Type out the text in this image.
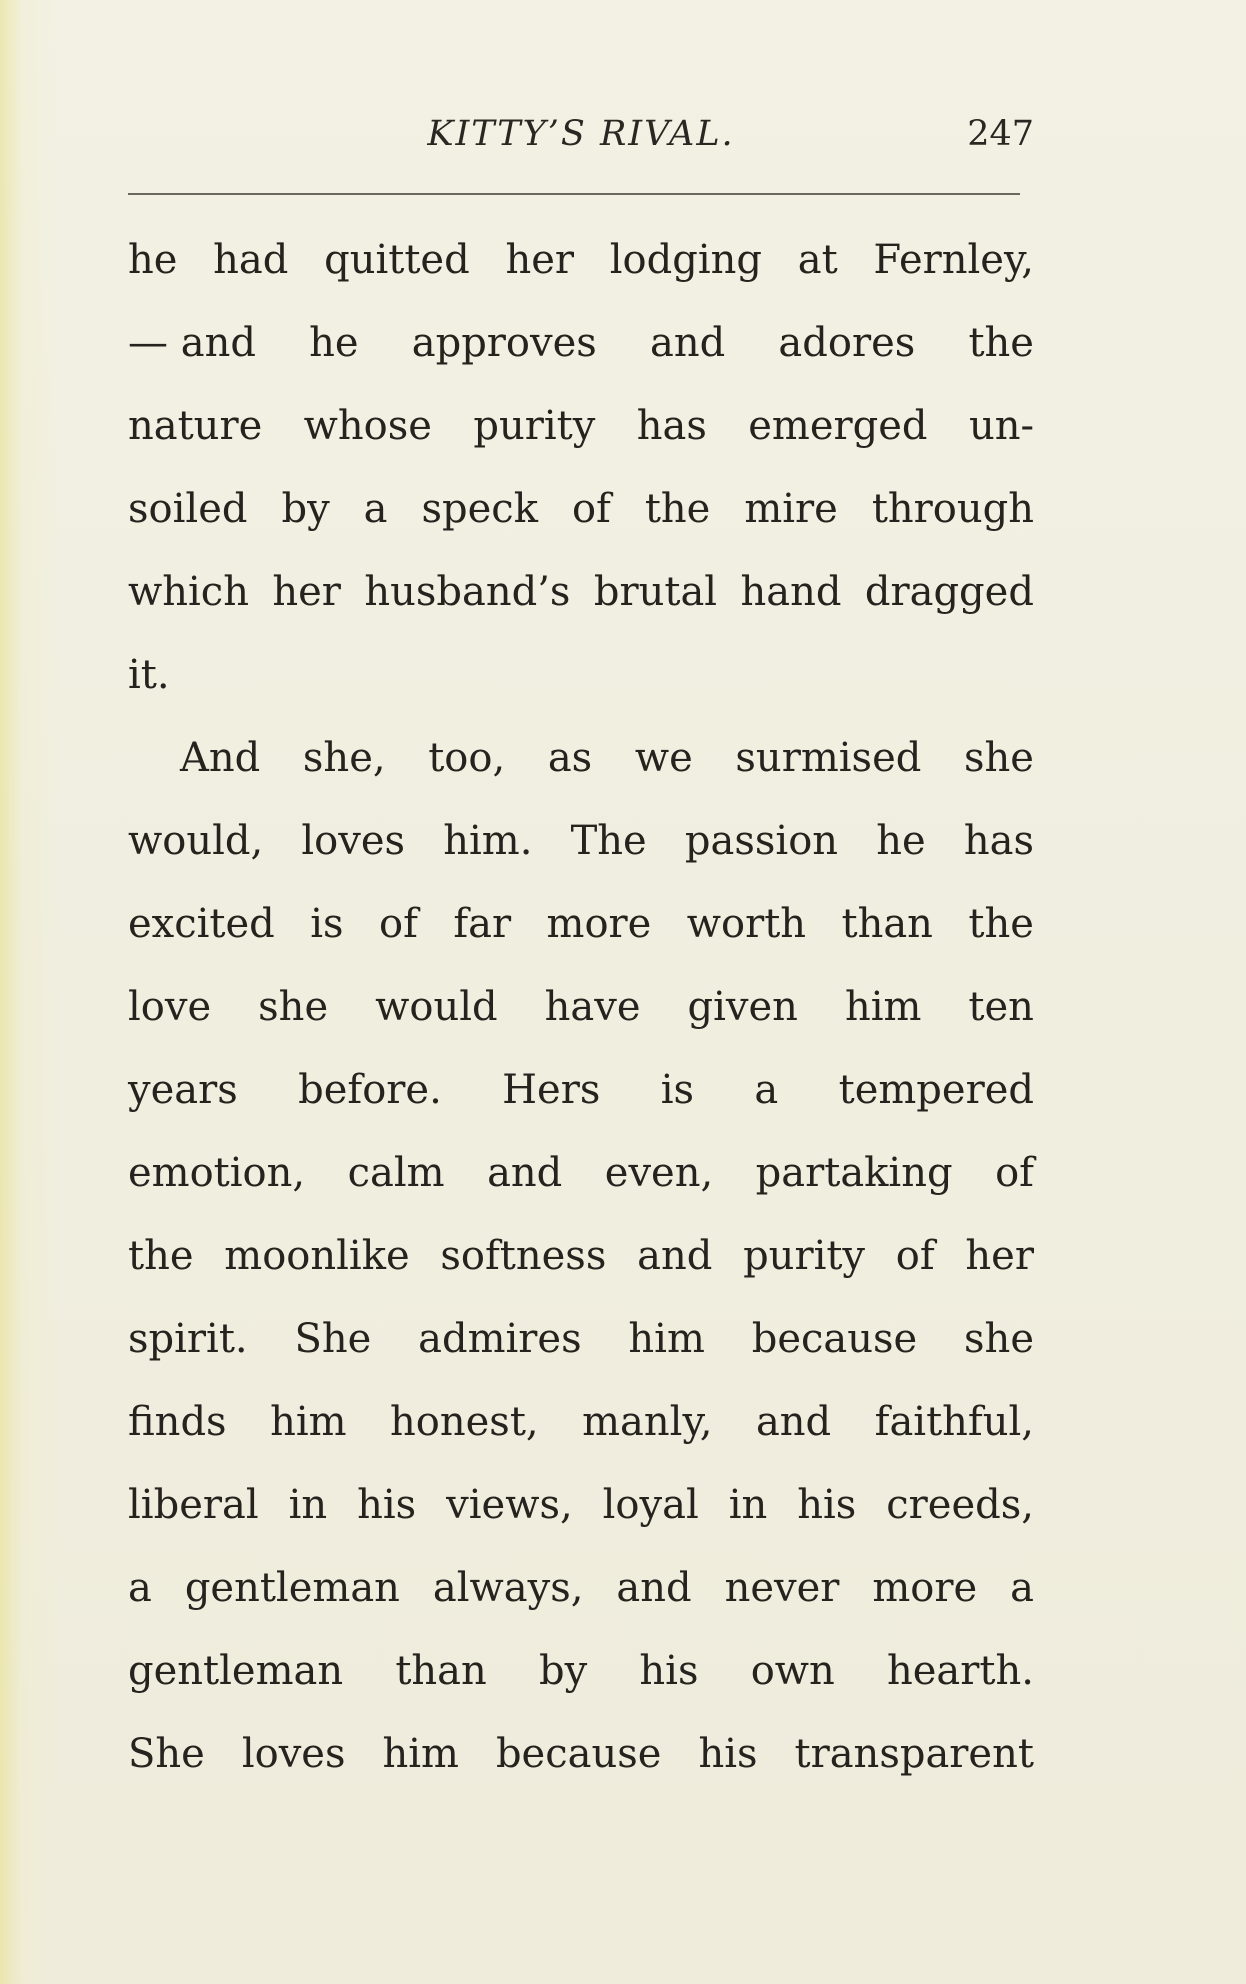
KITTY’S RIVAL.	247
he had quitted her lodging at Fernley,
— and he approves and adores the
nature whose purity has emerged un-
soiled by a speck of the mire through
which her husband’s brutal hand dragged
it.
And she, too, as we surmised she
would, loves him. The passion he has
excited is of far more worth than the
love she would have given him ten
years before. Hers is a tempered
emotion, calm and even, partaking of
the moonlike softness and purity of her
spirit. She admires him because she
finds him honest, manly, and faithful,
liberal in his views, loyal in his creeds,
a gentleman always, and never more a
gentleman than by his own hearth.
She loves him because his transparent
